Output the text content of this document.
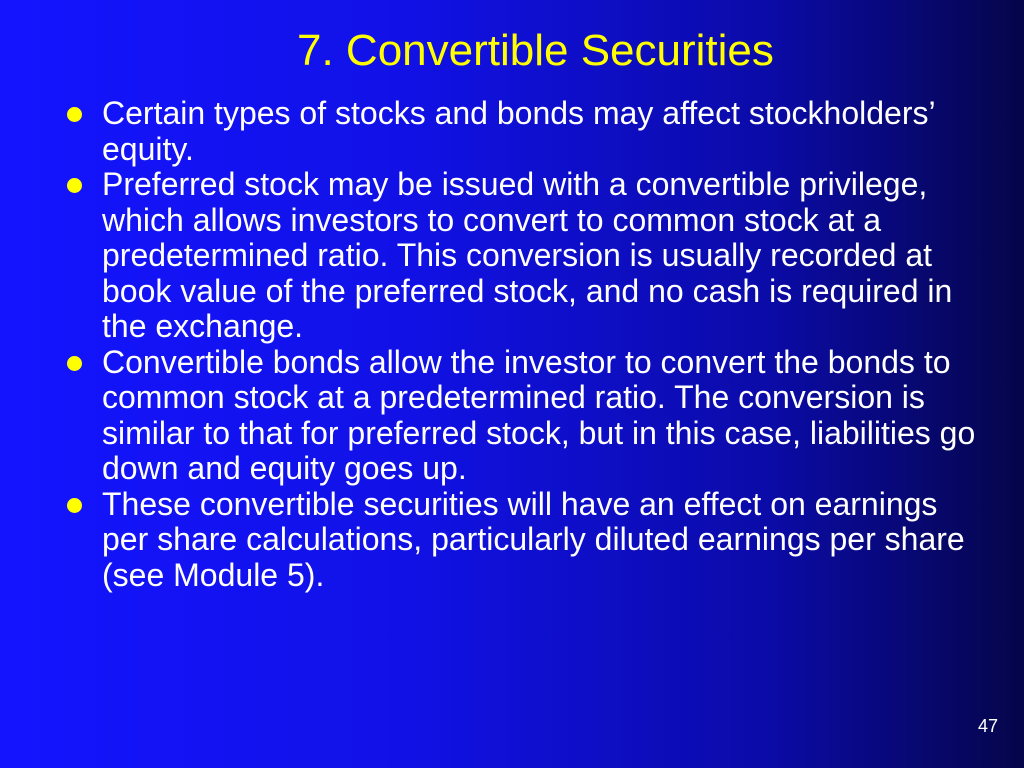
7. Convertible Securities
Certain types of stocks and bonds may affect stockholders’ equity.
Preferred stock may be issued with a convertible privilege, which allows investors to convert to common stock at a predetermined ratio. This conversion is usually recorded at book value of the preferred stock, and no cash is required in the exchange.
Convertible bonds allow the investor to convert the bonds to common stock at a predetermined ratio. The conversion is similar to that for preferred stock, but in this case, liabilities go down and equity goes up.
These convertible securities will have an effect on earnings per share calculations, particularly diluted earnings per share (see Module 5).
47
